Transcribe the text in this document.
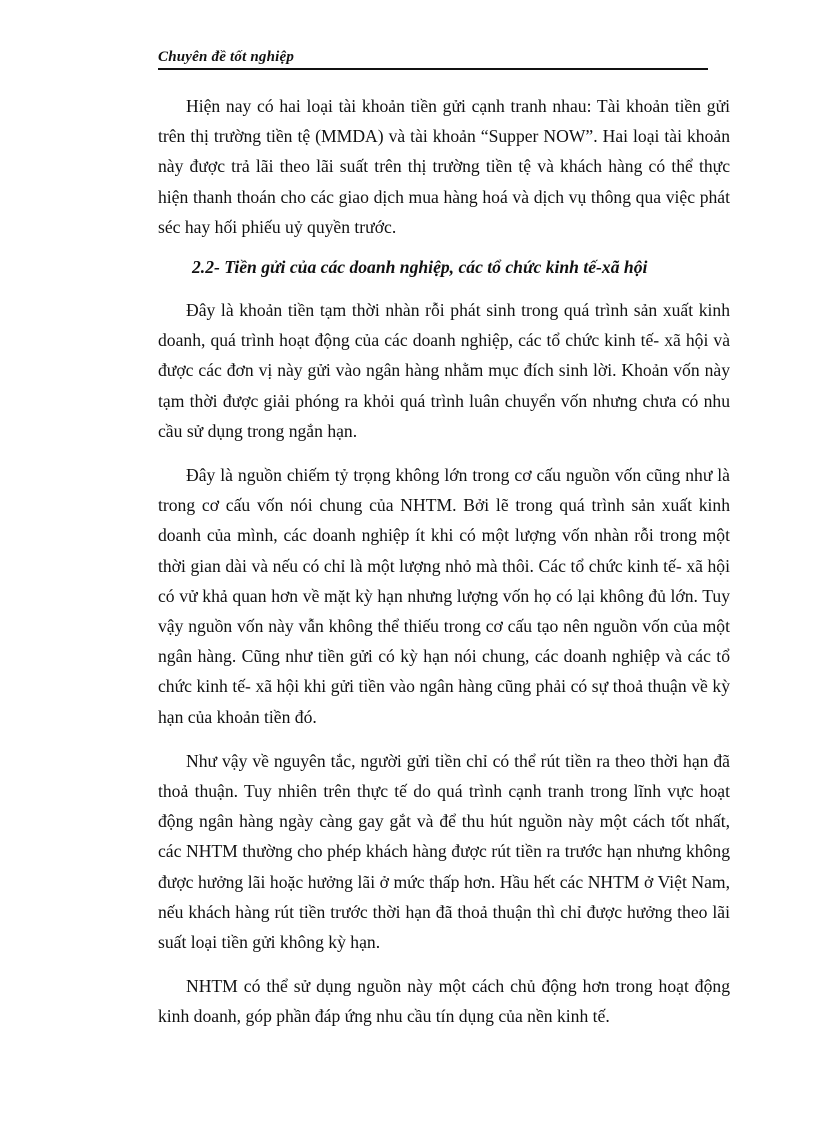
Chuyên đề tốt nghiệp

Hiện nay có hai loại tài khoản tiền gửi cạnh tranh nhau: Tài khoản tiền gửi trên thị trường tiền tệ (MMDA) và tài khoản “Supper NOW”. Hai loại tài khoản này được trả lãi theo lãi suất trên thị trường tiền tệ và khách hàng có thể thực hiện thanh thoán cho các giao dịch mua hàng hoá và dịch vụ thông qua việc phát séc hay hối phiếu uỷ quyền trước.

2.2- Tiền gửi của các doanh nghiệp, các tổ chức kinh tế-xã hội

Đây là khoản tiền tạm thời nhàn rỗi phát sinh trong quá trình sản xuất kinh doanh, quá trình hoạt động của các doanh nghiệp, các tổ chức kinh tế- xã hội và được các đơn vị này gửi vào ngân hàng nhằm mục đích sinh lời. Khoản vốn này tạm thời được giải phóng ra khỏi quá trình luân chuyển vốn nhưng chưa có nhu cầu sử dụng trong ngắn hạn.

Đây là nguồn chiếm tỷ trọng không lớn trong cơ cấu nguồn vốn cũng như là trong cơ cấu vốn nói chung của NHTM. Bởi lẽ trong quá trình sản xuất kinh doanh của mình, các doanh nghiệp ít khi có một lượng vốn nhàn rỗi trong một thời gian dài và nếu có chỉ là một lượng nhỏ mà thôi. Các tổ chức kinh tế- xã hội có vử khả quan hơn về mặt kỳ hạn nhưng lượng vốn họ có lại không đủ lớn. Tuy vậy nguồn vốn này vẫn không thể thiếu trong cơ cấu tạo nên nguồn vốn của một ngân hàng. Cũng như tiền gửi có kỳ hạn nói chung, các doanh nghiệp và các tổ chức kinh tế- xã hội khi gửi tiền vào ngân hàng cũng phải có sự thoả thuận về kỳ hạn của khoản tiền đó.

Như vậy về nguyên tắc, người gửi tiền chỉ có thể rút tiền ra theo thời hạn đã thoả thuận. Tuy nhiên trên thực tế do quá trình cạnh tranh trong lĩnh vực hoạt động ngân hàng ngày càng gay gắt và để thu hút nguồn này một cách tốt nhất, các NHTM thường cho phép khách hàng được rút tiền ra trước hạn nhưng không được hưởng lãi hoặc hưởng lãi ở mức thấp hơn. Hầu hết các NHTM ở Việt Nam, nếu khách hàng rút tiền trước thời hạn đã thoả thuận thì chỉ được hưởng theo lãi suất loại tiền gửi không kỳ hạn.

NHTM có thể sử dụng nguồn này một cách chủ động hơn trong hoạt động kinh doanh, góp phần đáp ứng nhu cầu tín dụng của nền kinh tế.
